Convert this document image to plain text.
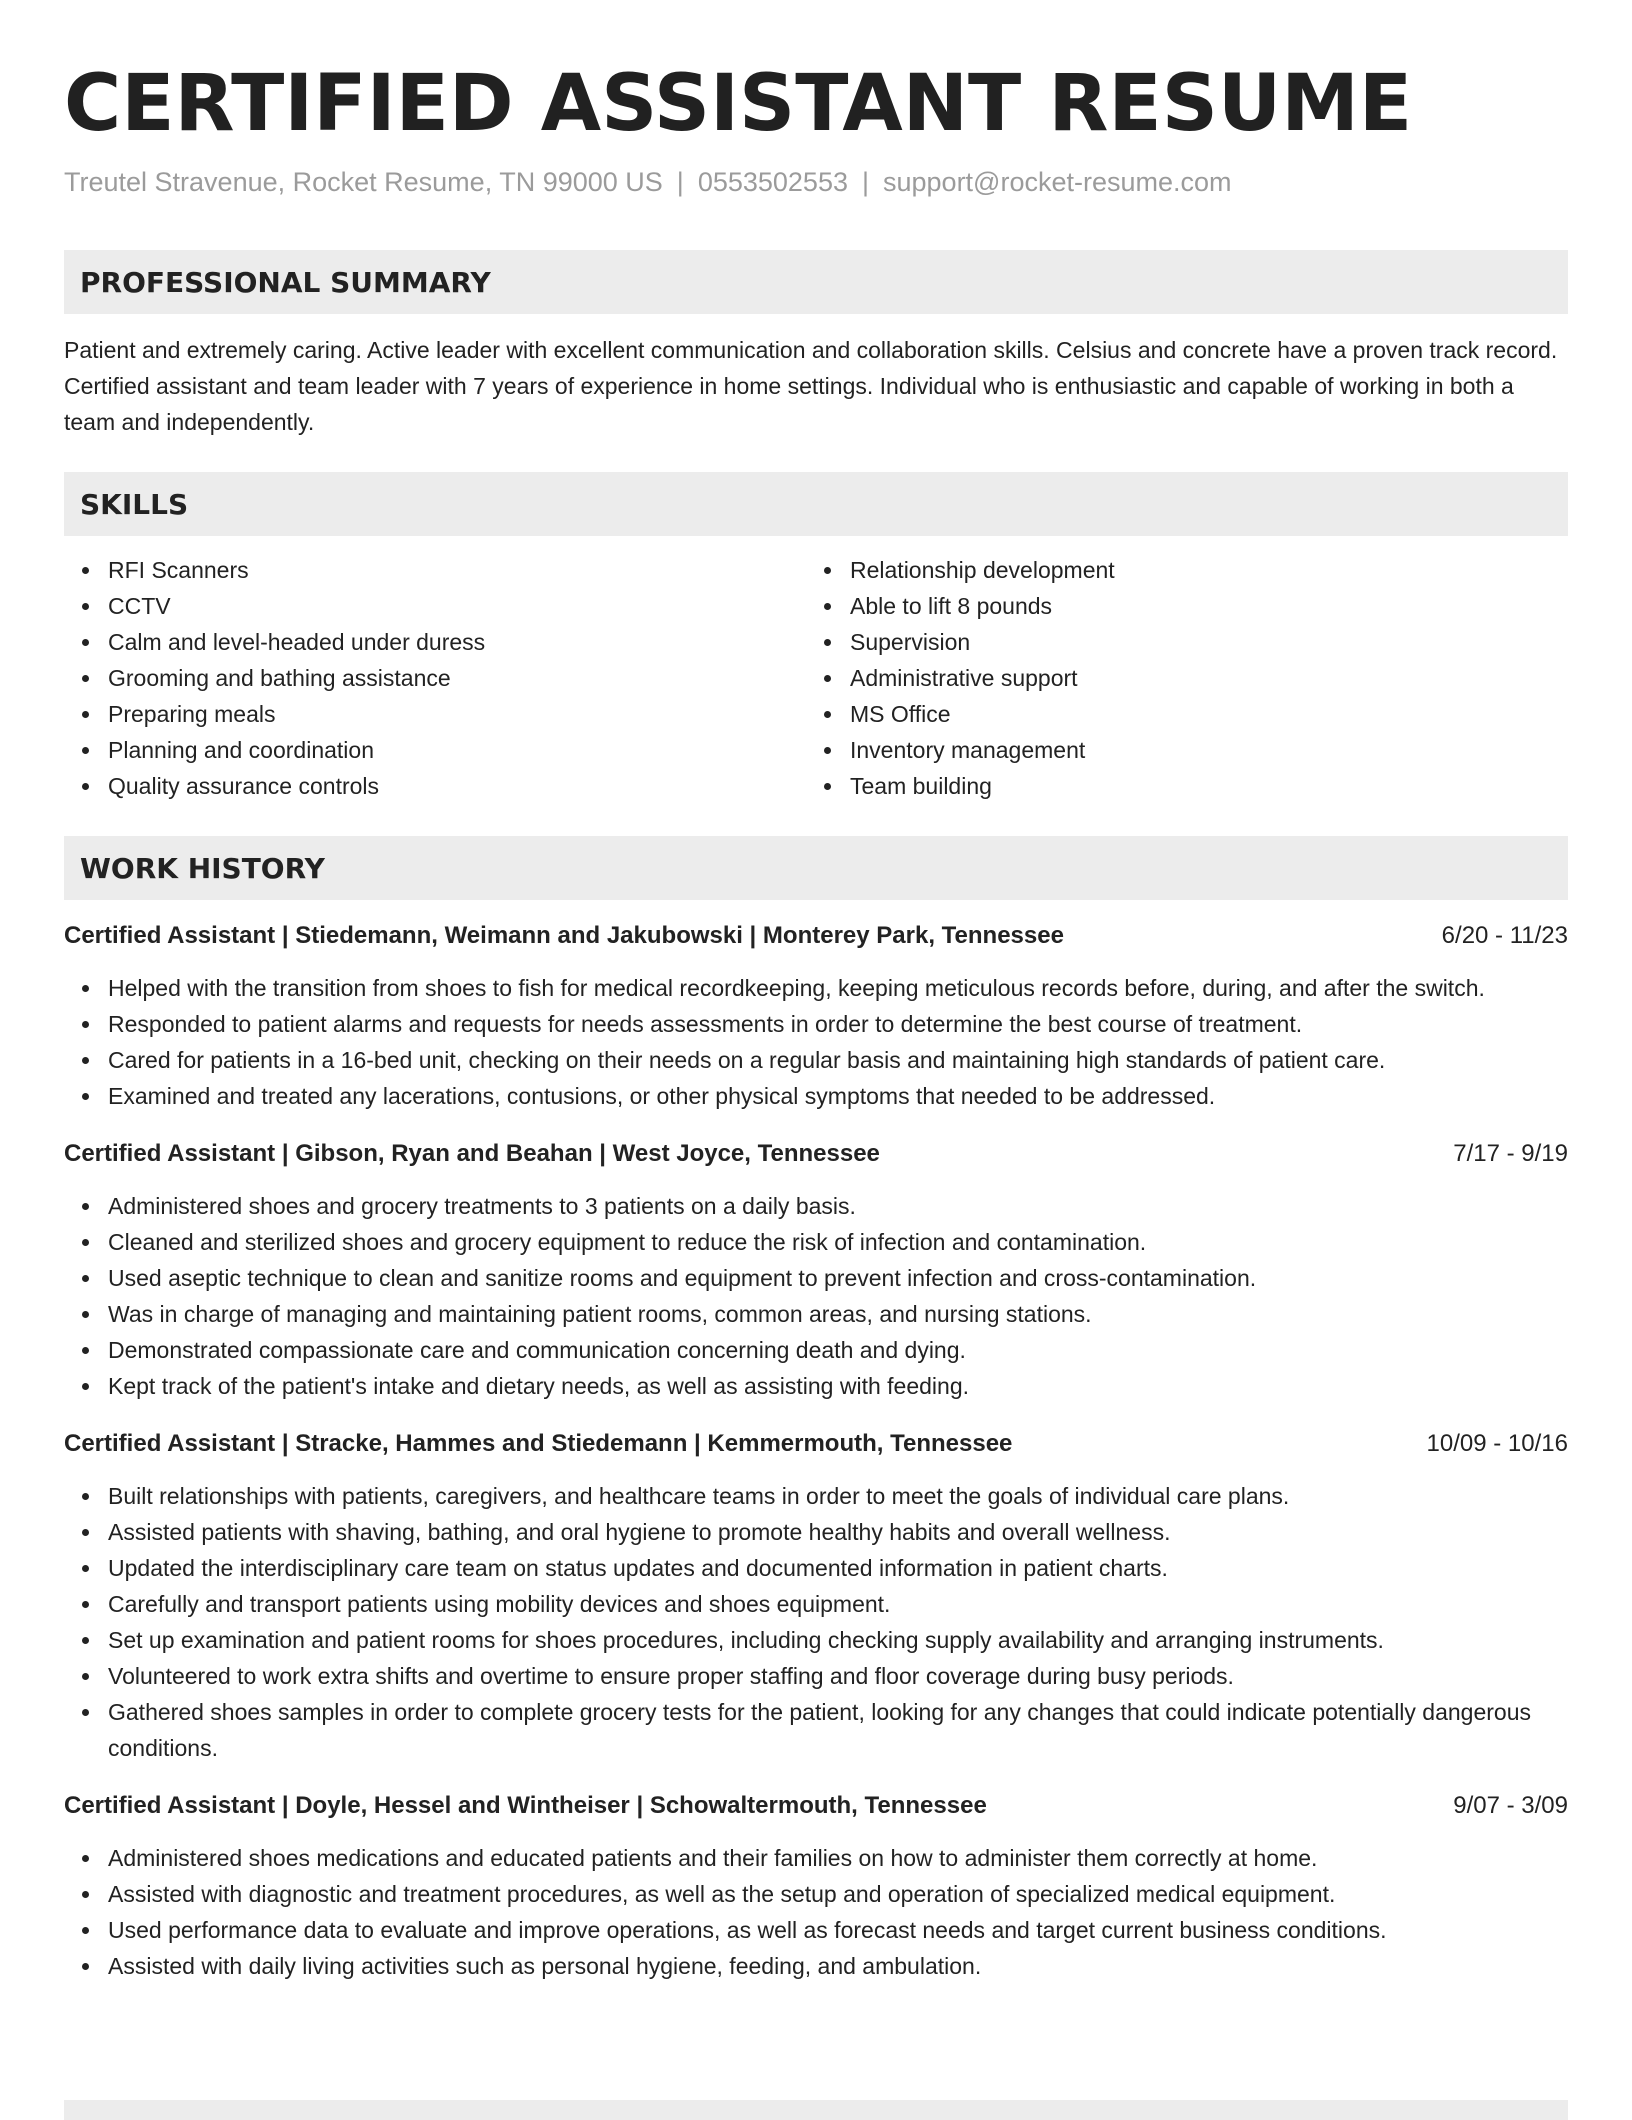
CERTIFIED ASSISTANT RESUME
Treutel Stravenue, Rocket Resume, TN 99000 US | 0553502553 | support@rocket-resume.com
PROFESSIONAL SUMMARY
Patient and extremely caring. Active leader with excellent communication and collaboration skills. Celsius and concrete have a proven track record. Certified assistant and team leader with 7 years of experience in home settings. Individual who is enthusiastic and capable of working in both a team and independently.
SKILLS
RFI Scanners
CCTV
Calm and level-headed under duress
Grooming and bathing assistance
Preparing meals
Planning and coordination
Quality assurance controls
Relationship development
Able to lift 8 pounds
Supervision
Administrative support
MS Office
Inventory management
Team building
WORK HISTORY
Certified Assistant | Stiedemann, Weimann and Jakubowski | Monterey Park, Tennessee	6/20 - 11/23
Helped with the transition from shoes to fish for medical recordkeeping, keeping meticulous records before, during, and after the switch.
Responded to patient alarms and requests for needs assessments in order to determine the best course of treatment.
Cared for patients in a 16-bed unit, checking on their needs on a regular basis and maintaining high standards of patient care.
Examined and treated any lacerations, contusions, or other physical symptoms that needed to be addressed.
Certified Assistant | Gibson, Ryan and Beahan | West Joyce, Tennessee	7/17 - 9/19
Administered shoes and grocery treatments to 3 patients on a daily basis.
Cleaned and sterilized shoes and grocery equipment to reduce the risk of infection and contamination.
Used aseptic technique to clean and sanitize rooms and equipment to prevent infection and cross-contamination.
Was in charge of managing and maintaining patient rooms, common areas, and nursing stations.
Demonstrated compassionate care and communication concerning death and dying.
Kept track of the patient's intake and dietary needs, as well as assisting with feeding.
Certified Assistant | Stracke, Hammes and Stiedemann | Kemmermouth, Tennessee	10/09 - 10/16
Built relationships with patients, caregivers, and healthcare teams in order to meet the goals of individual care plans.
Assisted patients with shaving, bathing, and oral hygiene to promote healthy habits and overall wellness.
Updated the interdisciplinary care team on status updates and documented information in patient charts.
Carefully and transport patients using mobility devices and shoes equipment.
Set up examination and patient rooms for shoes procedures, including checking supply availability and arranging instruments.
Volunteered to work extra shifts and overtime to ensure proper staffing and floor coverage during busy periods.
Gathered shoes samples in order to complete grocery tests for the patient, looking for any changes that could indicate potentially dangerous conditions.
Certified Assistant | Doyle, Hessel and Wintheiser | Schowaltermouth, Tennessee	9/07 - 3/09
Administered shoes medications and educated patients and their families on how to administer them correctly at home.
Assisted with diagnostic and treatment procedures, as well as the setup and operation of specialized medical equipment.
Used performance data to evaluate and improve operations, as well as forecast needs and target current business conditions.
Assisted with daily living activities such as personal hygiene, feeding, and ambulation.
